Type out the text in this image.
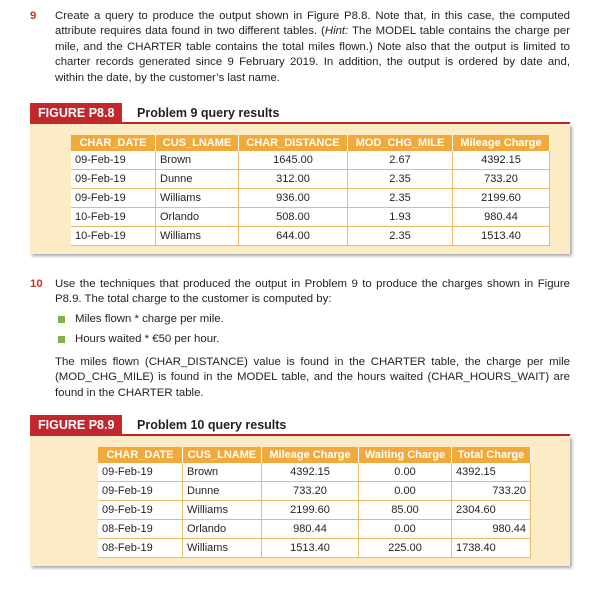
9 Create a query to produce the output shown in Figure P8.8. Note that, in this case, the computed attribute requires data found in two different tables. (Hint: The MODEL table contains the charge per mile, and the CHARTER table contains the total miles flown.) Note also that the output is limited to charter records generated since 9 February 2019. In addition, the output is ordered by date and, within the date, by the customer’s last name.

FIGURE P8.8	Problem 9 query results
CHAR_DATE	CUS_LNAME	CHAR_DISTANCE	MOD_CHG_MILE	Mileage Charge
09-Feb-19	Brown	1645.00	2.67	4392.15
09-Feb-19	Dunne	312.00	2.35	733.20
09-Feb-19	Williams	936.00	2.35	2199.60
10-Feb-19	Orlando	508.00	1.93	980.44
10-Feb-19	Williams	644.00	2.35	1513.40
10 Use the techniques that produced the output in Problem 9 to produce the charges shown in Figure P8.9. The total charge to the customer is computed by:

Miles flown * charge per mile.
Hours waited * €50 per hour.

The miles flown (CHAR_DISTANCE) value is found in the CHARTER table, the charge per mile (MOD_CHG_MILE) is found in the MODEL table, and the hours waited (CHAR_HOURS_WAIT) are found in the CHARTER table.

FIGURE P8.9	Problem 10 query results
CHAR_DATE	CUS_LNAME	Mileage Charge	Waiting Charge	Total Charge
09-Feb-19	Brown	4392.15	0.00	4392.15
09-Feb-19	Dunne	733.20	0.00	733.20
09-Feb-19	Williams	2199.60	85.00	2304.60
08-Feb-19	Orlando	980.44	0.00	980.44
08-Feb-19	Williams	1513.40	225.00	1738.40
